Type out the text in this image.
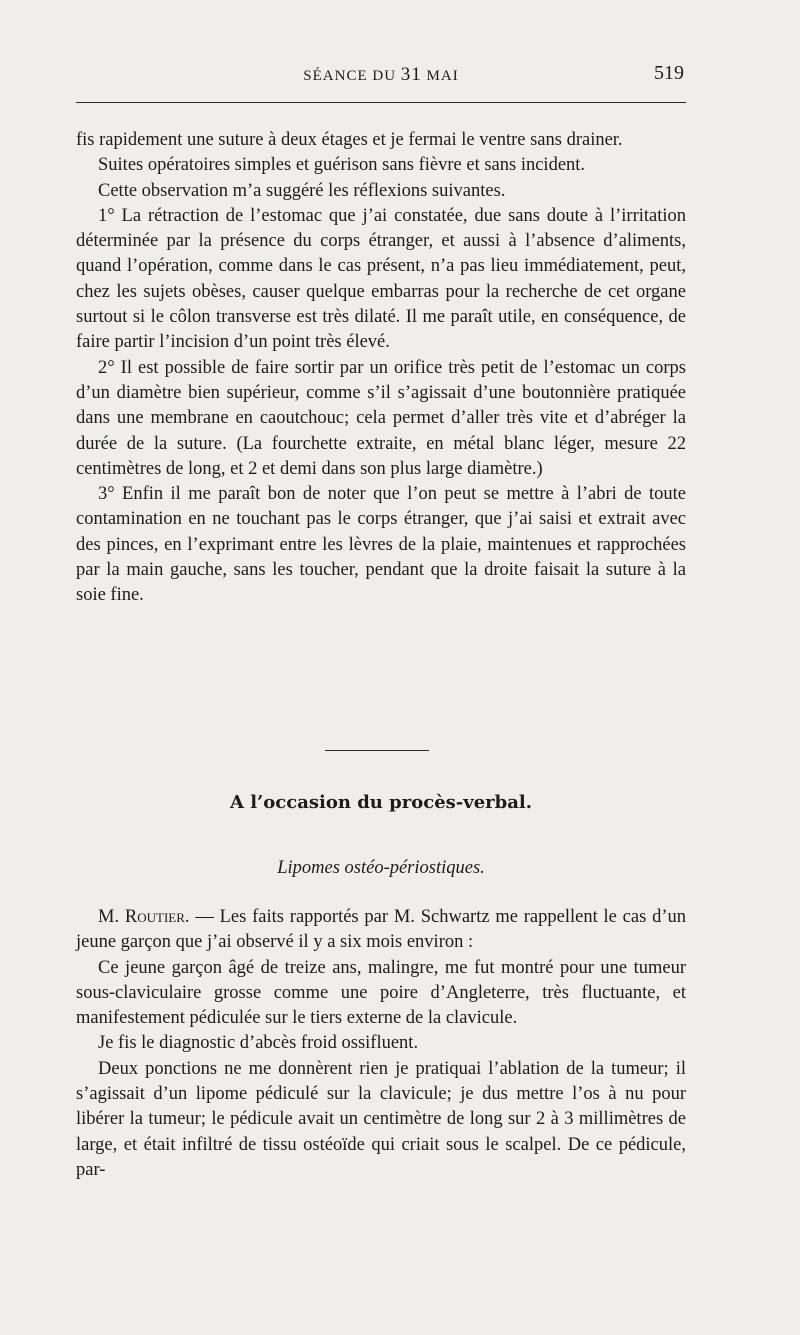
SÉANCE DU 31 MAI	519

fis rapidement une suture à deux étages et je fermai le ventre sans drainer.

Suites opératoires simples et guérison sans fièvre et sans incident.

Cette observation m’a suggéré les réflexions suivantes.

1° La rétraction de l’estomac que j’ai constatée, due sans doute à l’irritation déterminée par la présence du corps étranger, et aussi à l’absence d’aliments, quand l’opération, comme dans le cas présent, n’a pas lieu immédiatement, peut, chez les sujets obèses, causer quelque embarras pour la recherche de cet organe surtout si le côlon transverse est très dilaté. Il me paraît utile, en conséquence, de faire partir l’incision d’un point très élevé.

2° Il est possible de faire sortir par un orifice très petit de l’estomac un corps d’un diamètre bien supérieur, comme s’il s’agissait d’une boutonnière pratiquée dans une membrane en caoutchouc; cela permet d’aller très vite et d’abréger la durée de la suture. (La fourchette extraite, en métal blanc léger, mesure 22 centimètres de long, et 2 et demi dans son plus large diamètre.)

3° Enfin il me paraît bon de noter que l’on peut se mettre à l’abri de toute contamination en ne touchant pas le corps étranger, que j’ai saisi et extrait avec des pinces, en l’exprimant entre les lèvres de la plaie, maintenues et rapprochées par la main gauche, sans les toucher, pendant que la droite faisait la suture à la soie fine.

A l’occasion du procès-verbal.
Lipomes ostéo-périostiques.

M. Routier. — Les faits rapportés par M. Schwartz me rappellent le cas d’un jeune garçon que j’ai observé il y a six mois environ :

Ce jeune garçon âgé de treize ans, malingre, me fut montré pour une tumeur sous-claviculaire grosse comme une poire d’Angleterre, très fluctuante, et manifestement pédiculée sur le tiers externe de la clavicule.

Je fis le diagnostic d’abcès froid ossifluent.

Deux ponctions ne me donnèrent rien je pratiquai l’ablation de la tumeur; il s’agissait d’un lipome pédiculé sur la clavicule; je dus mettre l’os à nu pour libérer la tumeur; le pédicule avait un centimètre de long sur 2 à 3 millimètres de large, et était infiltré de tissu ostéoïde qui criait sous le scalpel. De ce pédicule, par-
